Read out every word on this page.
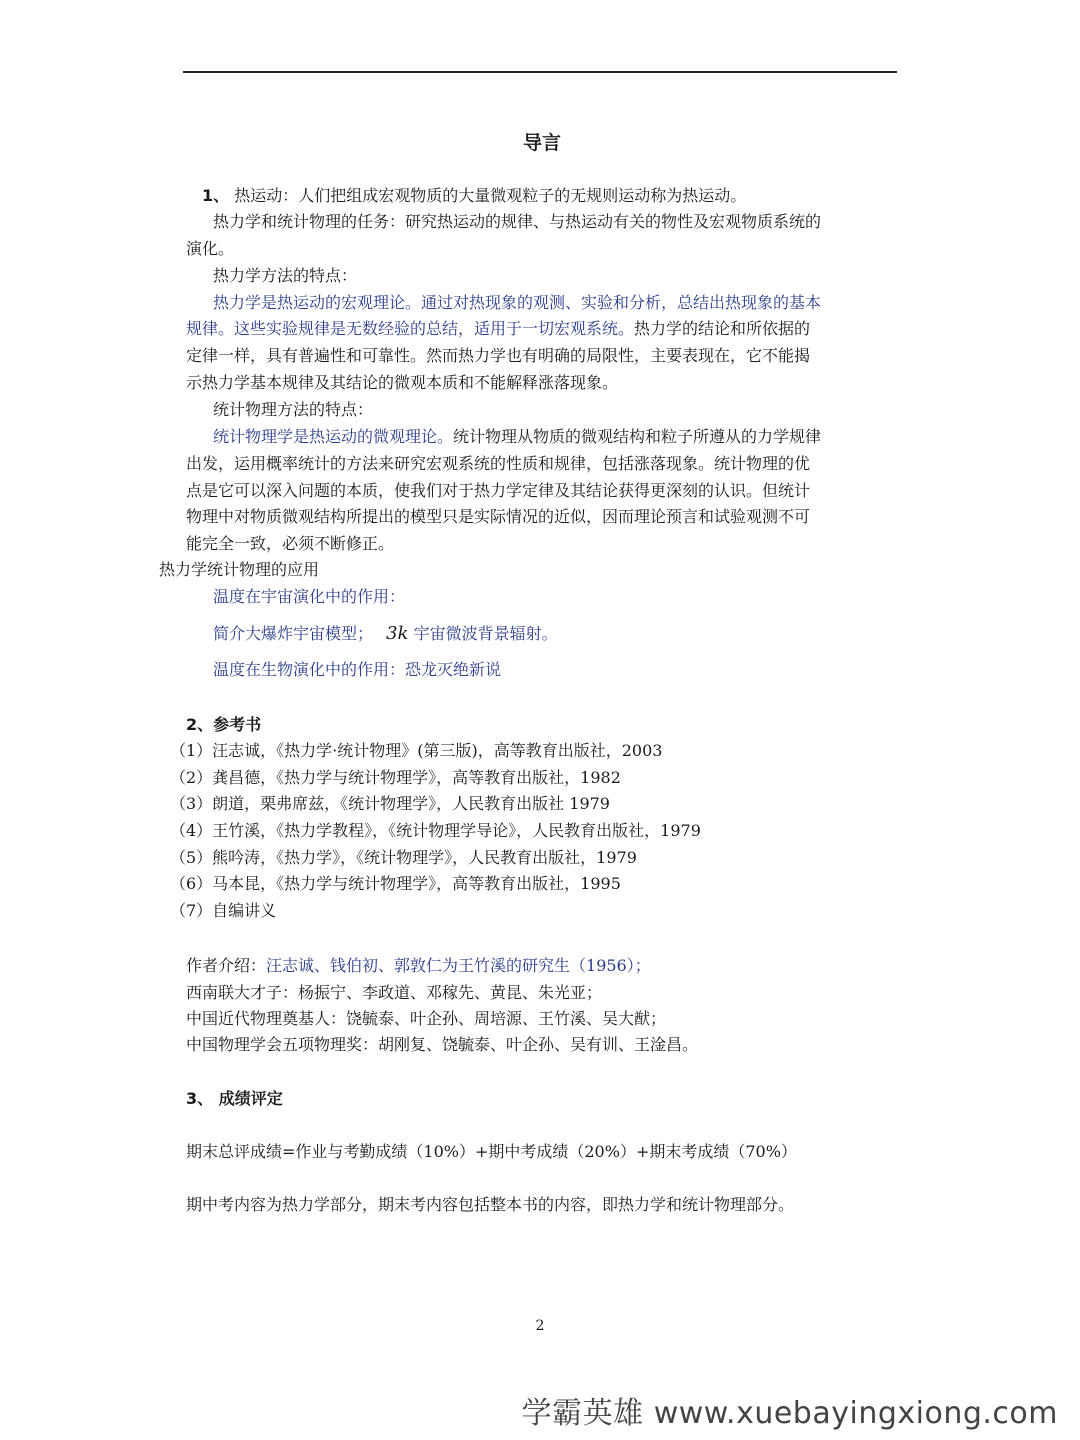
导言
1、 热运动：人们把组成宏观物质的大量微观粒子的无规则运动称为热运动。
热力学和统计物理的任务：研究热运动的规律、与热运动有关的物性及宏观物质系统的
演化。
热力学方法的特点：
热力学是热运动的宏观理论。通过对热现象的观测、实验和分析，总结出热现象的基本
规律。这些实验规律是无数经验的总结，适用于一切宏观系统。热力学的结论和所依据的
定律一样，具有普遍性和可靠性。然而热力学也有明确的局限性，主要表现在，它不能揭
示热力学基本规律及其结论的微观本质和不能解释涨落现象。
统计物理方法的特点：
统计物理学是热运动的微观理论。统计物理从物质的微观结构和粒子所遵从的力学规律
出发，运用概率统计的方法来研究宏观系统的性质和规律，包括涨落现象。统计物理的优
点是它可以深入问题的本质，使我们对于热力学定律及其结论获得更深刻的认识。但统计
物理中对物质微观结构所提出的模型只是实际情况的近似，因而理论预言和试验观测不可
能完全一致，必须不断修正。
热力学统计物理的应用
温度在宇宙演化中的作用：
简介大爆炸宇宙模型； 3k 宇宙微波背景辐射。
温度在生物演化中的作用：恐龙灭绝新说
2、参考书
（1）汪志诚，《热力学·统计物理》(第三版)，高等教育出版社，2003
（2）龚昌德，《热力学与统计物理学》，高等教育出版社，1982
（3）朗道，栗弗席兹，《统计物理学》，人民教育出版社 1979
（4）王竹溪，《热力学教程》，《统计物理学导论》，人民教育出版社，1979
（5）熊吟涛，《热力学》，《统计物理学》，人民教育出版社，1979
（6）马本昆，《热力学与统计物理学》，高等教育出版社，1995
（7）自编讲义
作者介绍：汪志诚、钱伯初、郭敦仁为王竹溪的研究生（1956）；
西南联大才子：杨振宁、李政道、邓稼先、黄昆、朱光亚；
中国近代物理奠基人：饶毓泰、叶企孙、周培源、王竹溪、吴大猷；
中国物理学会五项物理奖：胡刚复、饶毓泰、叶企孙、吴有训、王淦昌。
3、 成绩评定
期末总评成绩=作业与考勤成绩（10%）+期中考成绩（20%）+期末考成绩（70%）
期中考内容为热力学部分，期末考内容包括整本书的内容，即热力学和统计物理部分。
2
学霸英雄 www.xuebayingxiong.com
